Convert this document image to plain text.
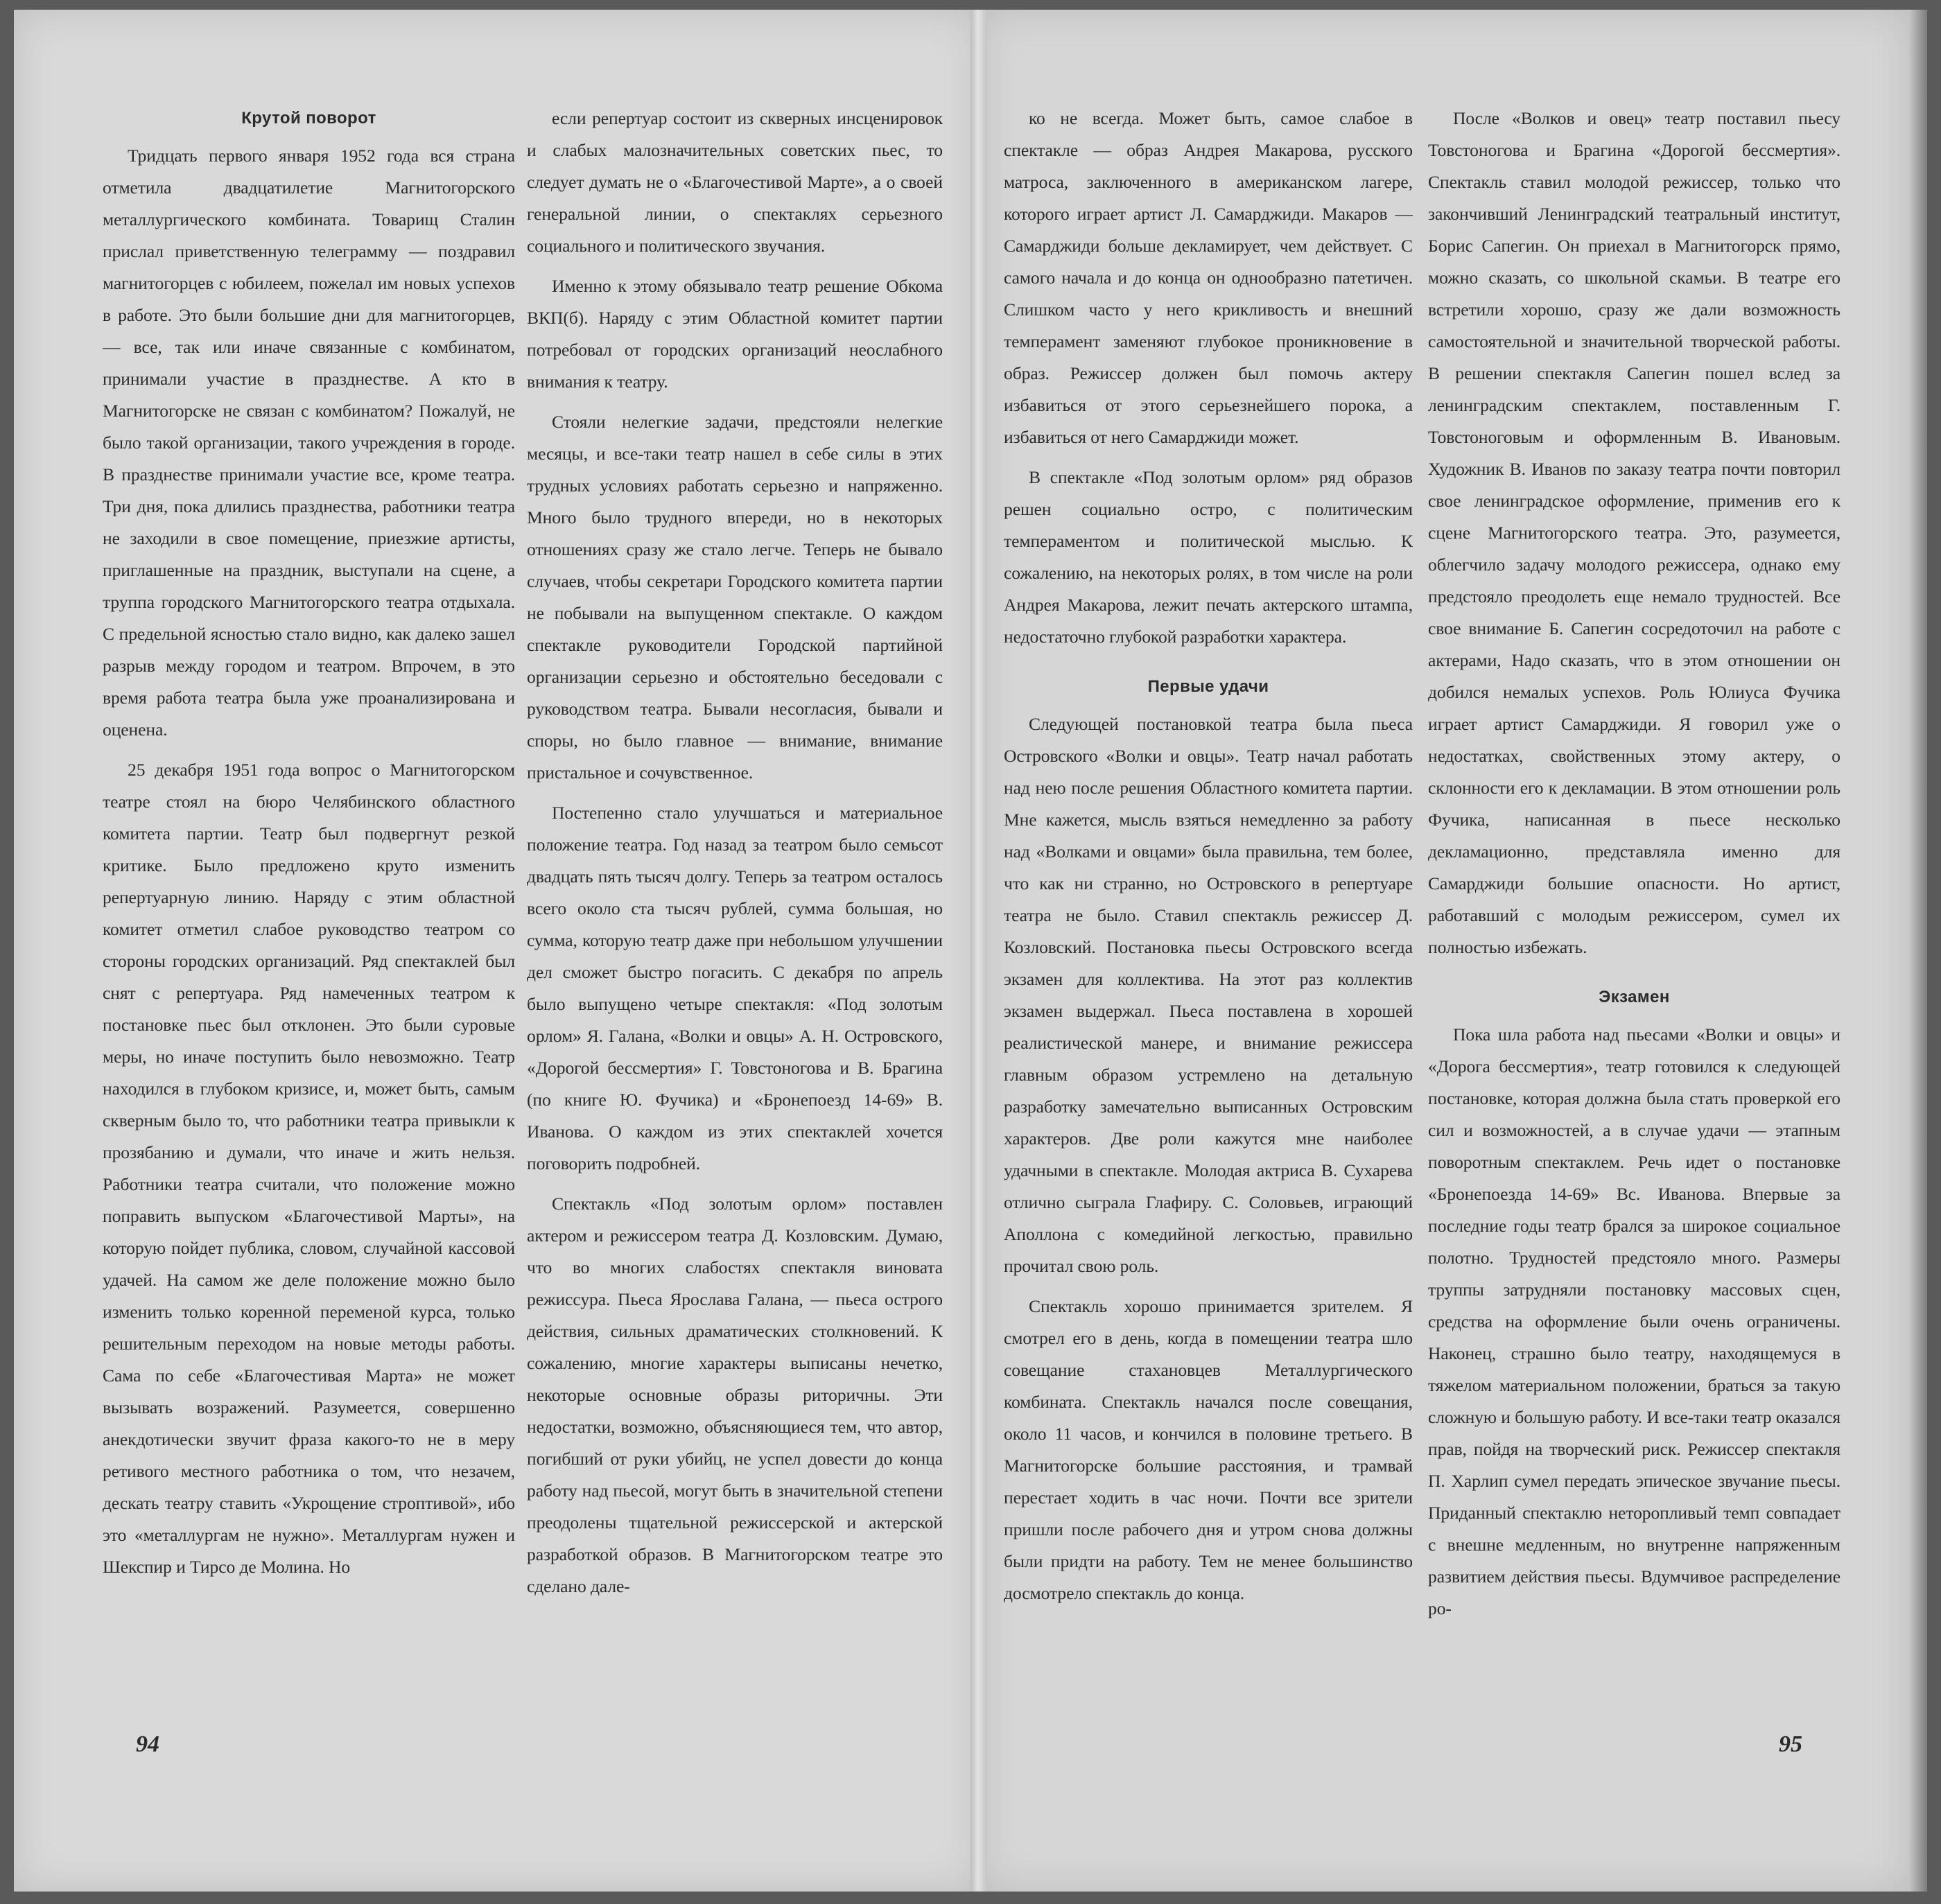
Крутой поворот

Тридцать первого января 1952 года вся страна отметила двадцатилетие Магнитогорского металлургического комбината. Товарищ Сталин прислал приветственную телеграмму — поздравил магнитогорцев с юбилеем, пожелал им новых успехов в работе. Это были большие дни для магнитогорцев, — все, так или иначе связанные с комбинатом, принимали участие в празднестве. А кто в Магнитогорске не связан с комбинатом? Пожалуй, не было такой организации, такого учреждения в городе. В празднестве принимали участие все, кроме театра. Три дня, пока длились празднества, работники театра не заходили в свое помещение, приезжие артисты, приглашенные на праздник, выступали на сцене, а труппа городского Магнитогорского театра отдыхала. С предельной ясностью стало видно, как далеко зашел разрыв между городом и театром. Впрочем, в это время работа театра была уже проанализирована и оценена.

25 декабря 1951 года вопрос о Магнитогорском театре стоял на бюро Челябинского областного комитета партии. Театр был подвергнут резкой критике. Было предложено круто изменить репертуарную линию. Наряду с этим областной комитет отметил слабое руководство театром со стороны городских организаций. Ряд спектаклей был снят с репертуара. Ряд намеченных театром к постановке пьес был отклонен. Это были суровые меры, но иначе поступить было невозможно. Театр находился в глубоком кризисе, и, может быть, самым скверным было то, что работники театра привыкли к прозябанию и думали, что иначе и жить нельзя. Работники театра считали, что положение можно поправить выпуском «Благочестивой Марты», на которую пойдет публика, словом, случайной кассовой удачей. На самом же деле положение можно было изменить только коренной переменой курса, только решительным переходом на новые методы работы. Сама по себе «Благочестивая Марта» не может вызывать возражений. Разумеется, совершенно анекдотически звучит фраза какого-то не в меру ретивого местного работника о том, что незачем, дескать театру ставить «Укрощение строптивой», ибо это «металлургам не нужно». Металлургам нужен и Шекспир и Тирсо де Молина. Но

если репертуар состоит из скверных инсценировок и слабых малозначительных советских пьес, то следует думать не о «Благочестивой Марте», а о своей генеральной линии, о спектаклях серьезного социального и политического звучания.

Именно к этому обязывало театр решение Обкома ВКП(б). Наряду с этим Областной комитет партии потребовал от городских организаций неослабного внимания к театру.

Стояли нелегкие задачи, предстояли нелегкие месяцы, и все-таки театр нашел в себе силы в этих трудных условиях работать серьезно и напряженно. Много было трудного впереди, но в некоторых отношениях сразу же стало легче. Теперь не бывало случаев, чтобы секретари Городского комитета партии не побывали на выпущенном спектакле. О каждом спектакле руководители Городской партийной организации серьезно и обстоятельно беседовали с руководством театра. Бывали несогласия, бывали и споры, но было главное — внимание, внимание пристальное и сочувственное.

Постепенно стало улучшаться и материальное положение театра. Год назад за театром было семьсот двадцать пять тысяч долгу. Теперь за театром осталось всего около ста тысяч рублей, сумма большая, но сумма, которую театр даже при небольшом улучшении дел сможет быстро погасить. С декабря по апрель было выпущено четыре спектакля: «Под золотым орлом» Я. Галана, «Волки и овцы» А. Н. Островского, «Дорогой бессмертия» Г. Товстоногова и В. Брагина (по книге Ю. Фучика) и «Бронепоезд 14-69» В. Иванова. О каждом из этих спектаклей хочется поговорить подробней.

Спектакль «Под золотым орлом» поставлен актером и режиссером театра Д. Козловским. Думаю, что во многих слабостях спектакля виновата режиссура. Пьеса Ярослава Галана, — пьеса острого действия, сильных драматических столкновений. К сожалению, многие характеры выписаны нечетко, некоторые основные образы риторичны. Эти недостатки, возможно, объясняющиеся тем, что автор, погибший от руки убийц, не успел довести до конца работу над пьесой, могут быть в значительной степени преодолены тщательной режиссерской и актерской разработкой образов. В Магнитогорском театре это сделано дале-

ко не всегда. Может быть, самое слабое в спектакле — образ Андрея Макарова, русского матроса, заключенного в американском лагере, которого играет артист Л. Самарджиди. Макаров — Самарджиди больше декламирует, чем действует. С самого начала и до конца он однообразно патетичен. Слишком часто у него крикливость и внешний темперамент заменяют глубокое проникновение в образ. Режиссер должен был помочь актеру избавиться от этого серьезнейшего порока, а избавиться от него Самарджиди может.

В спектакле «Под золотым орлом» ряд образов решен социально остро, с политическим темпераментом и политической мыслью. К сожалению, на некоторых ролях, в том числе на роли Андрея Макарова, лежит печать актерского штампа, недостаточно глубокой разработки характера.

Первые удачи

Следующей постановкой театра была пьеса Островского «Волки и овцы». Театр начал работать над нею после решения Областного комитета партии. Мне кажется, мысль взяться немедленно за работу над «Волками и овцами» была правильна, тем более, что как ни странно, но Островского в репертуаре театра не было. Ставил спектакль режиссер Д. Козловский. Постановка пьесы Островского всегда экзамен для коллектива. На этот раз коллектив экзамен выдержал. Пьеса поставлена в хорошей реалистической манере, и внимание режиссера главным образом устремлено на детальную разработку замечательно выписанных Островским характеров. Две роли кажутся мне наиболее удачными в спектакле. Молодая актриса В. Сухарева отлично сыграла Глафиру. С. Соловьев, играющий Аполлона с комедийной легкостью, правильно прочитал свою роль.

Спектакль хорошо принимается зрителем. Я смотрел его в день, когда в помещении театра шло совещание стахановцев Металлургического комбината. Спектакль начался после совещания, около 11 часов, и кончился в половине третьего. В Магнитогорске большие расстояния, и трамвай перестает ходить в час ночи. Почти все зрители пришли после рабочего дня и утром снова должны были придти на работу. Тем не менее большинство досмотрело спектакль до конца.

После «Волков и овец» театр поставил пьесу Товстоногова и Брагина «Дорогой бессмертия». Спектакль ставил молодой режиссер, только что закончивший Ленинградский театральный институт, Борис Сапегин. Он приехал в Магнитогорск прямо, можно сказать, со школьной скамьи. В театре его встретили хорошо, сразу же дали возможность самостоятельной и значительной творческой работы. В решении спектакля Сапегин пошел вслед за ленинградским спектаклем, поставленным Г. Товстоноговым и оформленным В. Ивановым. Художник В. Иванов по заказу театра почти повторил свое ленинградское оформление, применив его к сцене Магнитогорского театра. Это, разумеется, облегчило задачу молодого режиссера, однако ему предстояло преодолеть еще немало трудностей. Все свое внимание Б. Сапегин сосредоточил на работе с актерами, Надо сказать, что в этом отношении он добился немалых успехов. Роль Юлиуса Фучика играет артист Самарджиди. Я говорил уже о недостатках, свойственных этому актеру, о склонности его к декламации. В этом отношении роль Фучика, написанная в пьесе несколько декламационно, представляла именно для Самарджиди большие опасности. Но артист, работавший с молодым режиссером, сумел их полностью избежать.

Экзамен

Пока шла работа над пьесами «Волки и овцы» и «Дорога бессмертия», театр готовился к следующей постановке, которая должна была стать проверкой его сил и возможностей, а в случае удачи — этапным поворотным спектаклем. Речь идет о постановке «Бронепоезда 14-69» Вс. Иванова. Впервые за последние годы театр брался за широкое социальное полотно. Трудностей предстояло много. Размеры труппы затрудняли постановку массовых сцен, средства на оформление были очень ограничены. Наконец, страшно было театру, находящемуся в тяжелом материальном положении, браться за такую сложную и большую работу. И все-таки театр оказался прав, пойдя на творческий риск. Режиссер спектакля П. Харлип сумел передать эпическое звучание пьесы. Приданный спектаклю неторопливый темп совпадает с внешне медленным, но внутренне напряженным развитием действия пьесы. Вдумчивое распределение ро-

94	95
